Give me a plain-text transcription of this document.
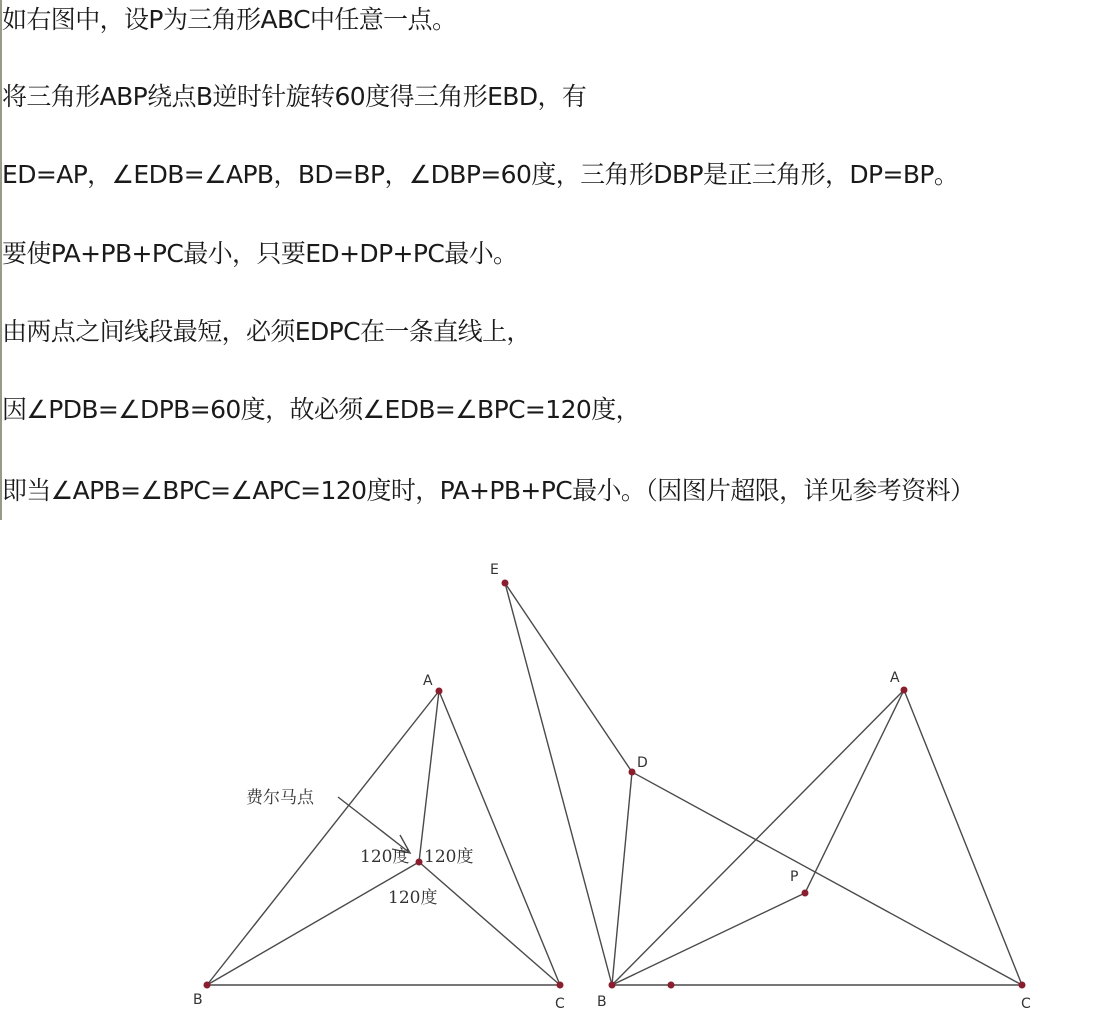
如右图中，设P为三角形ABC中任意一点。
将三角形ABP绕点B逆时针旋转60度得三角形EBD，有
ED=AP，∠EDB=∠APB，BD=BP，∠DBP=60度，三角形DBP是正三角形，DP=BP。
要使PA+PB+PC最小，只要ED+DP+PC最小。
由两点之间线段最短，必须EDPC在一条直线上，
因∠PDB=∠DPB=60度，故必须∠EDB=∠BPC=120度，
即当∠APB=∠BPC=∠APC=120度时，PA+PB+PC最小。（因图片超限，详见参考资料）
A
B	C
费尔马点
120度 120度
120度
E
D
A
P
B	C
